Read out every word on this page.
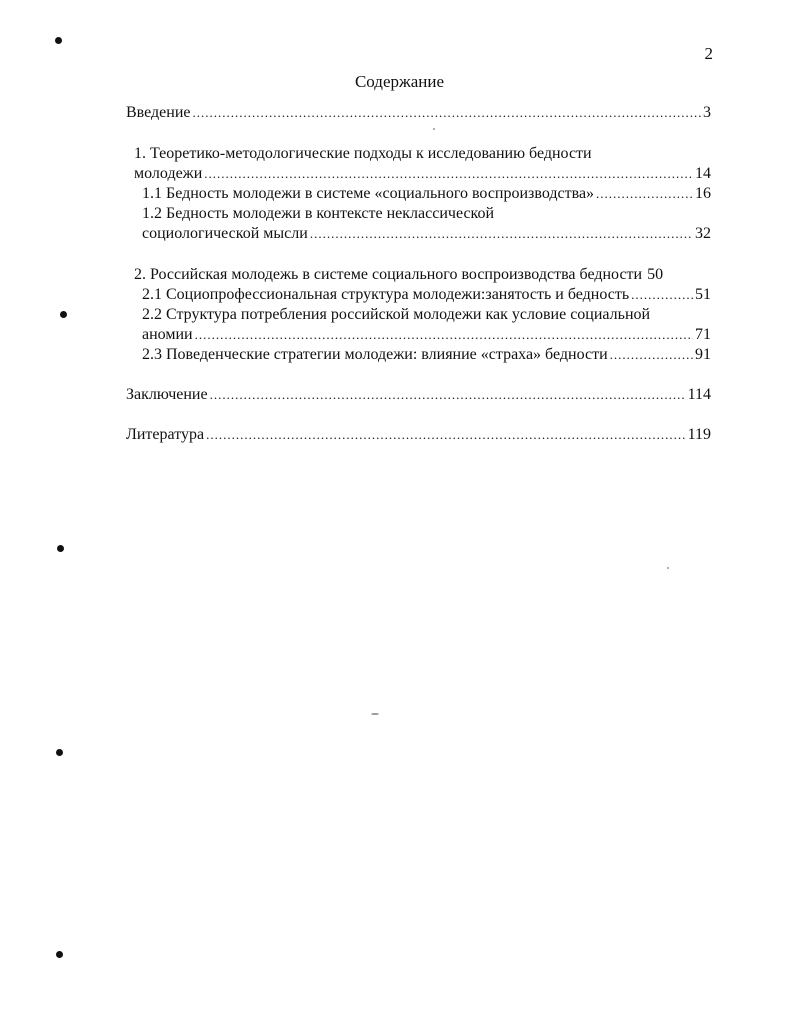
2
Содержание
Введение .....	3
1. Теоретико-методологические подходы к исследованию бедности
молодежи .....	14
1.1 Бедность молодежи в системе «социального воспроизводства» .....	16
1.2 Бедность молодежи в контексте неклассической
социологической мысли .....	32
2. Российская молодежь в системе социального воспроизводства бедности 50
2.1 Социопрофессиональная структура молодежи:занятость и бедность .....	51
2.2 Структура потребления российской молодежи как условие социальной
аномии .....	71
2.3 Поведенческие стратегии молодежи: влияние «страха» бедности .....	91
Заключение .....	114
Литература .....	119
